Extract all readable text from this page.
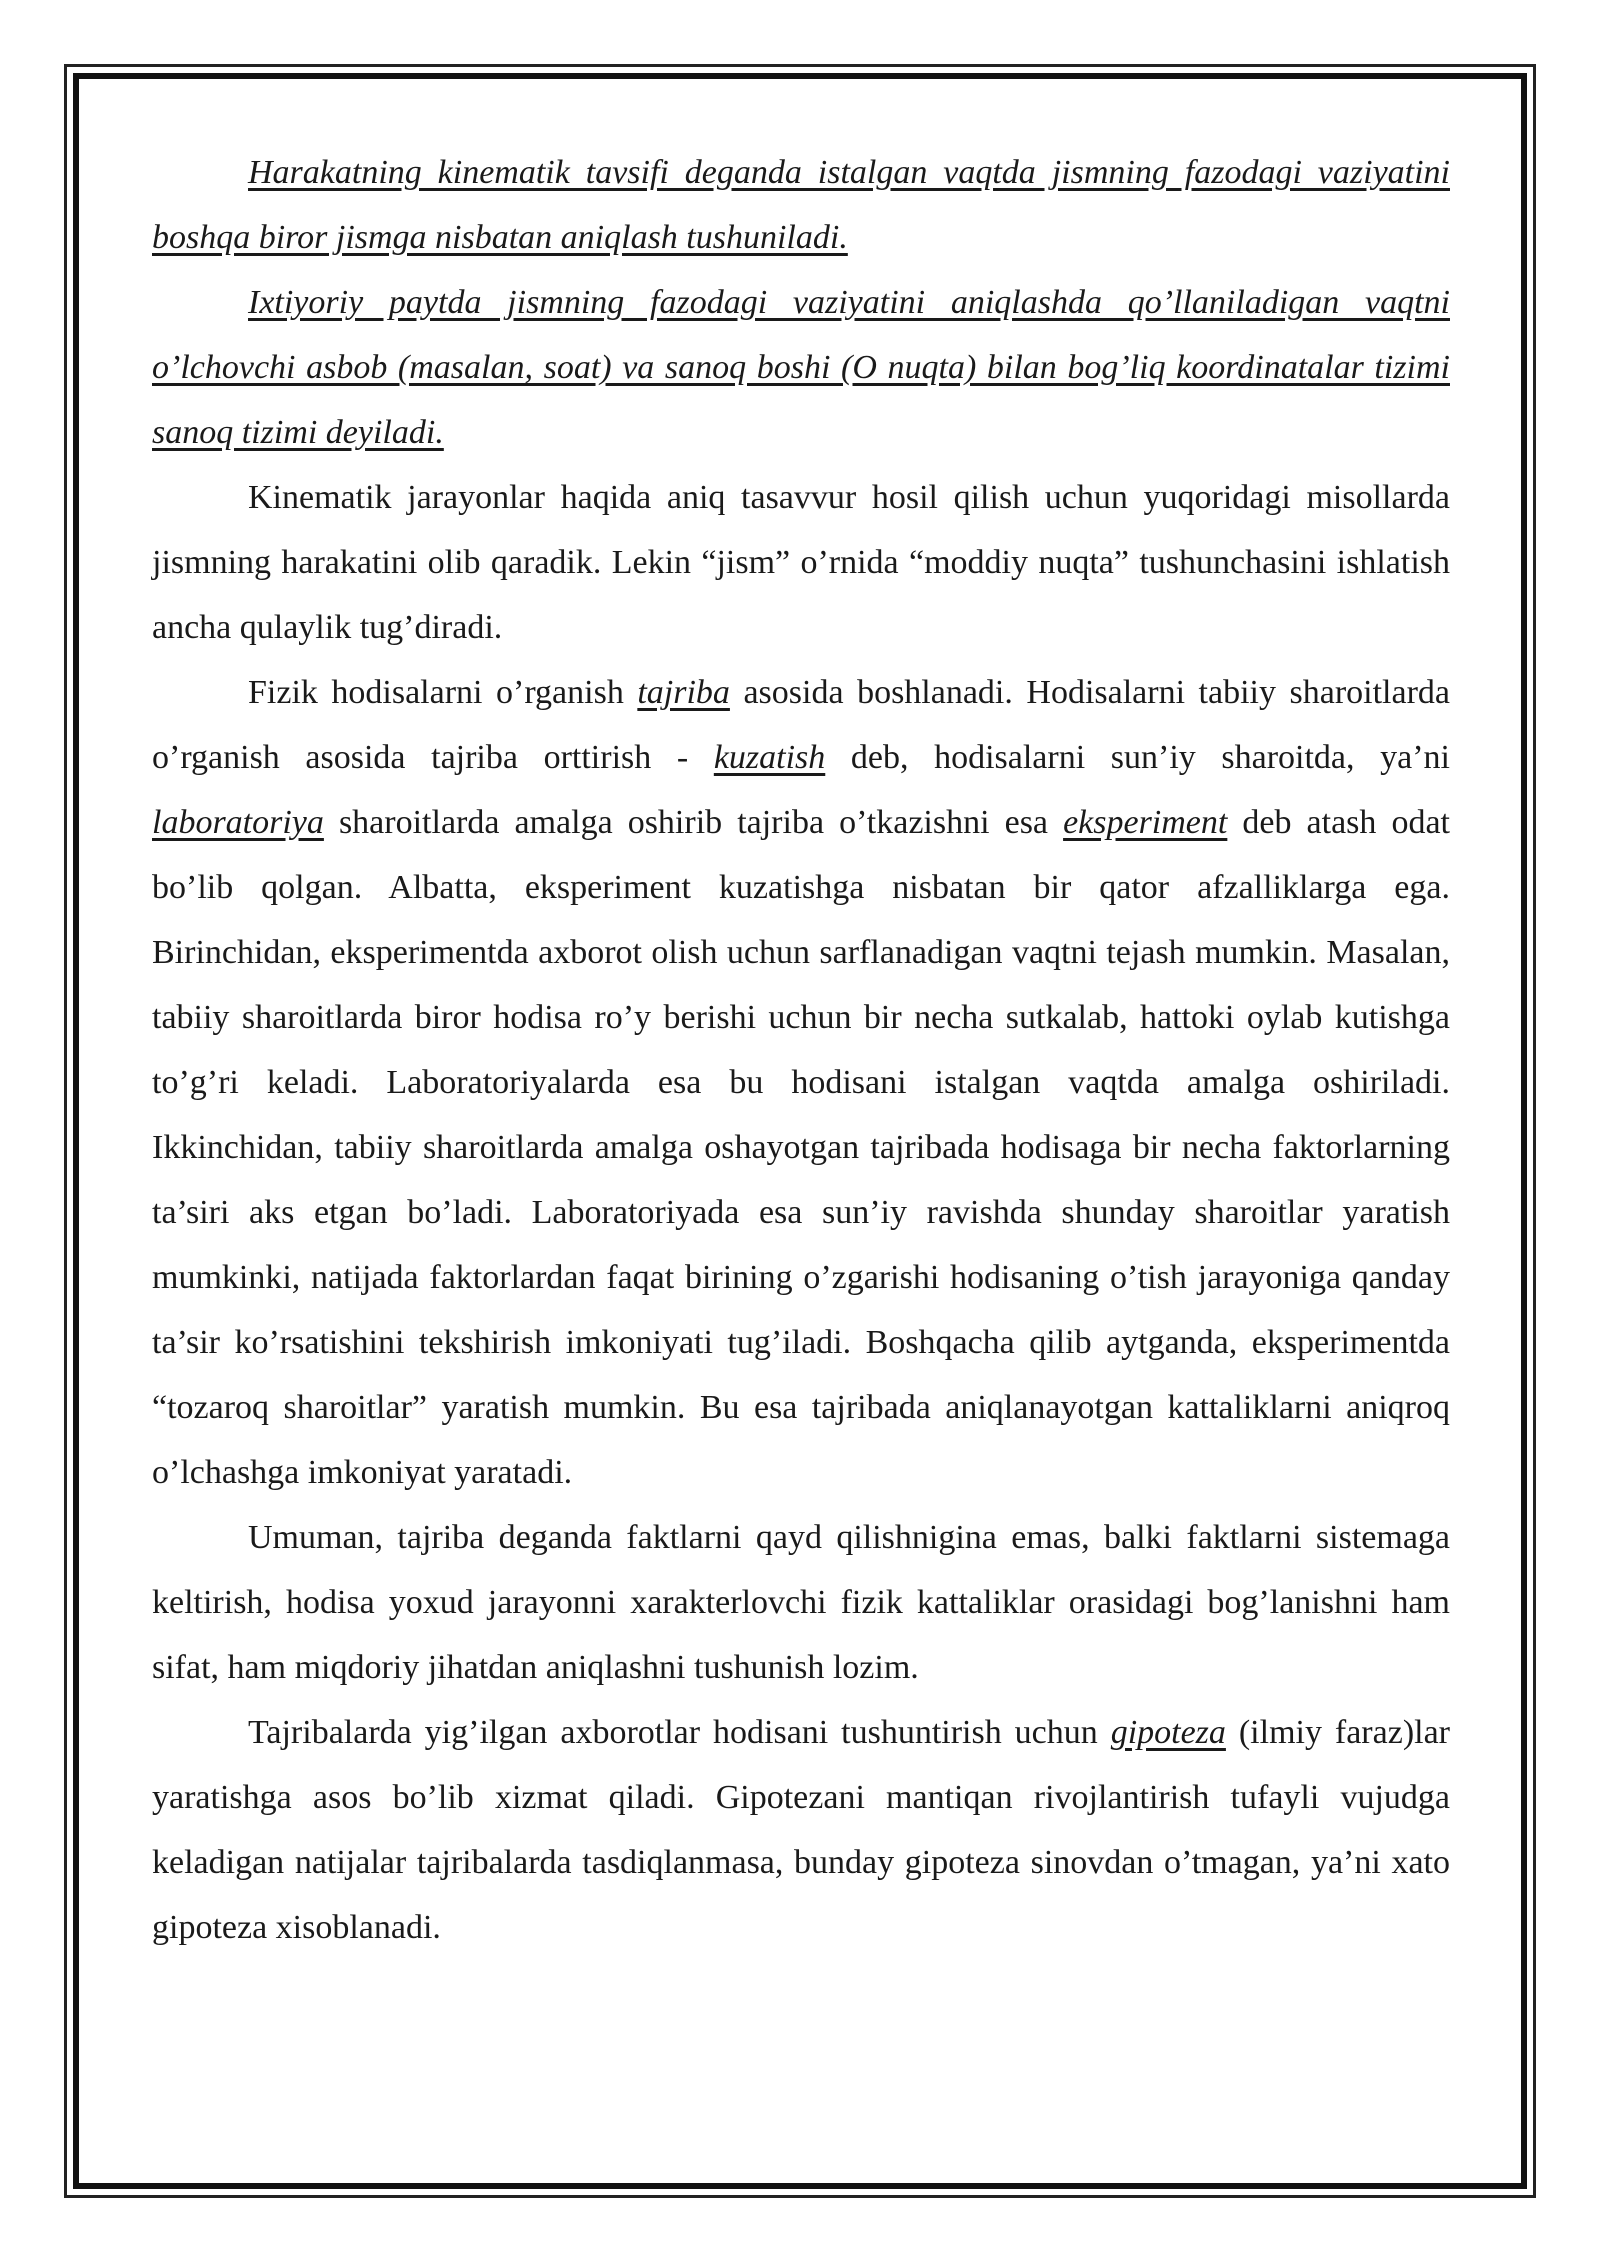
Harakatning kinematik tavsifi deganda istalgan vaqtda jismning fazodagi vaziyatini boshqa biror jismga nisbatan aniqlash tushuniladi.

Ixtiyoriy paytda jismning fazodagi vaziyatini aniqlashda qo’llaniladigan vaqtni o’lchovchi asbob (masalan, soat) va sanoq boshi (O nuqta) bilan bog’liq koordinatalar tizimi sanoq tizimi deyiladi.

Kinematik jarayonlar haqida aniq tasavvur hosil qilish uchun yuqoridagi misollarda jismning harakatini olib qaradik. Lekin “jism” o’rnida “moddiy nuqta” tushunchasini ishlatish ancha qulaylik tug’diradi.

Fizik hodisalarni o’rganish tajriba asosida boshlanadi. Hodisalarni tabiiy sharoitlarda o’rganish asosida tajriba orttirish - kuzatish deb, hodisalarni sun’iy sharoitda, ya’ni laboratoriya sharoitlarda amalga oshirib tajriba o’tkazishni esa eksperiment deb atash odat bo’lib qolgan. Albatta, eksperiment kuzatishga nisbatan bir qator afzalliklarga ega. Birinchidan, eksperimentda axborot olish uchun sarflanadigan vaqtni tejash mumkin. Masalan, tabiiy sharoitlarda biror hodisa ro’y berishi uchun bir necha sutkalab, hattoki oylab kutishga to’g’ri keladi. Laboratoriyalarda esa bu hodisani istalgan vaqtda amalga oshiriladi. Ikkinchidan, tabiiy sharoitlarda amalga oshayotgan tajribada hodisaga bir necha faktorlarning ta’siri aks etgan bo’ladi. Laboratoriyada esa sun’iy ravishda shunday sharoitlar yaratish mumkinki, natijada faktorlardan faqat birining o’zgarishi hodisaning o’tish jarayoniga qanday ta’sir ko’rsatishini tekshirish imkoniyati tug’iladi. Boshqacha qilib aytganda, eksperimentda “tozaroq sharoitlar” yaratish mumkin. Bu esa tajribada aniqlanayotgan kattaliklarni aniqroq o’lchashga imkoniyat yaratadi.

Umuman, tajriba deganda faktlarni qayd qilishnigina emas, balki faktlarni sistemaga keltirish, hodisa yoxud jarayonni xarakterlovchi fizik kattaliklar orasidagi bog’lanishni ham sifat, ham miqdoriy jihatdan aniqlashni tushunish lozim.

Tajribalarda yig’ilgan axborotlar hodisani tushuntirish uchun gipoteza (ilmiy faraz)lar yaratishga asos bo’lib xizmat qiladi. Gipotezani mantiqan rivojlantirish tufayli vujudga keladigan natijalar tajribalarda tasdiqlanmasa, bunday gipoteza sinovdan o’tmagan, ya’ni xato gipoteza xisoblanadi.
